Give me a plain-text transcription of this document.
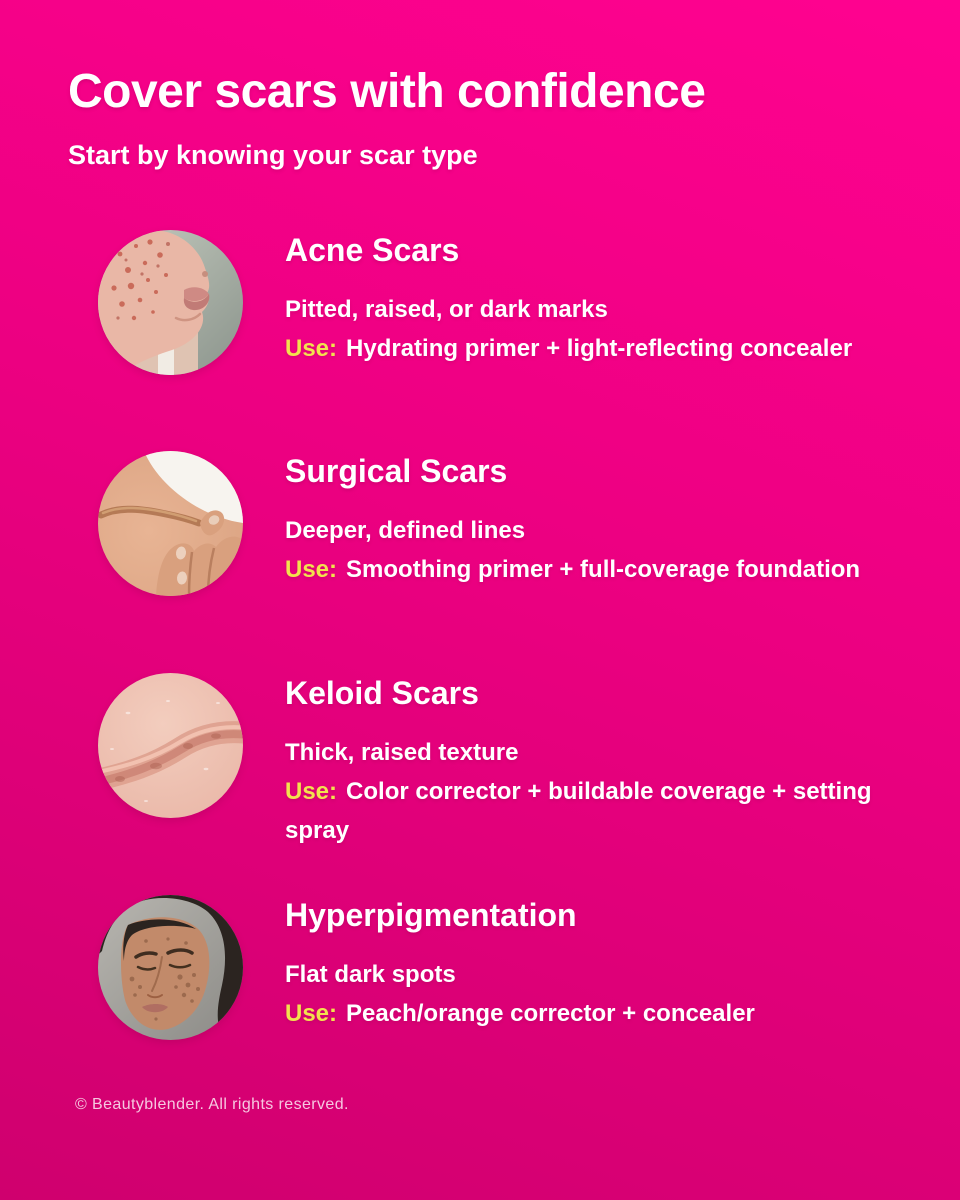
Cover scars with confidence
Start by knowing your scar type
Acne Scars
Pitted, raised, or dark marks
Use: Hydrating primer + light-reflecting concealer
Surgical Scars
Deeper, defined lines
Use: Smoothing primer + full-coverage foundation
Keloid Scars
Thick, raised texture
Use: Color corrector + buildable coverage + setting spray
Hyperpigmentation
Flat dark spots
Use: Peach/orange corrector + concealer
© Beautyblender. All rights reserved.
